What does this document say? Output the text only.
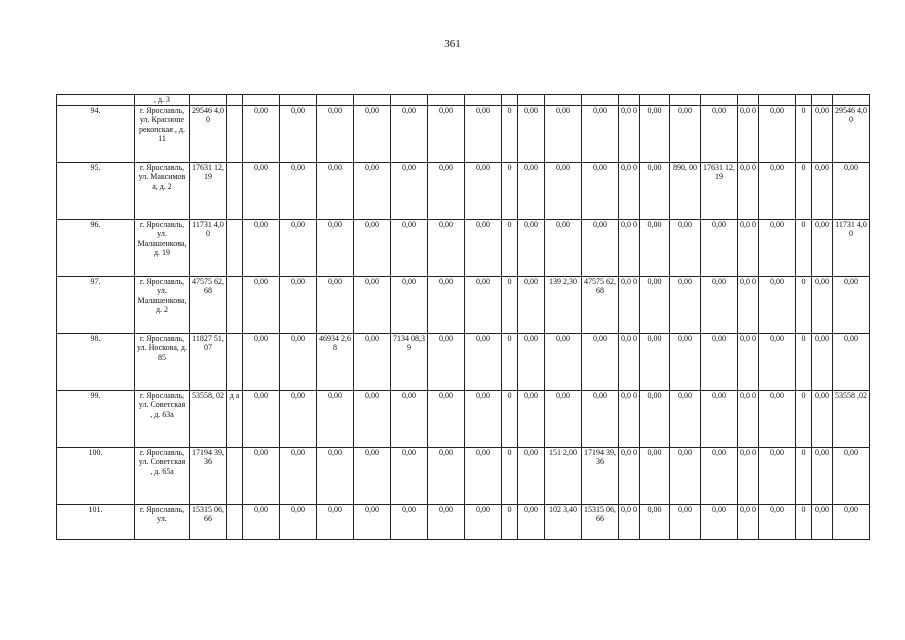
361
	, д. 3																						
94.	г. Ярославль, ул. Краснопе рекопская , д. 11	29546 4,00		0,00	0,00	0,00	0,00	0,00	0,00	0,00	0	0,00	0,00	0,00	0,0 0	0,00	0,00	0,00	0,0 0	0,00	0	0,00	29546 4,00
95.	г. Ярославль, ул. Максимов а, д. 2	17631 12,19		0,00	0,00	0,00	0,00	0,00	0,00	0,00	0	0,00	0,00	0,00	0,0 0	0,00	890, 00	17631 12,19	0,0 0	0,00	0	0,00	0,00
96.	г. Ярославль, ул. Малашенкова, д. 19	11731 4,00		0,00	0,00	0,00	0,00	0,00	0,00	0,00	0	0,00	0,00	0,00	0,0 0	0,00	0,00	0,00	0,0 0	0,00	0	0,00	11731 4,00
97.	г. Ярославль, ул. Малашенкова, д. 2	47575 62,68		0,00	0,00	0,00	0,00	0,00	0,00	0,00	0	0,00	139 2,30	47575 62,68	0,0 0	0,00	0,00	0,00	0,0 0	0,00	0	0,00	0,00
98.	г. Ярославль, ул. Носкова, д. 85	11827 51,07		0,00	0,00	46934 2,68	0,00	7134 08,39	0,00	0,00	0	0,00	0,00	0,00	0,0 0	0,00	0,00	0,00	0,0 0	0,00	0	0,00	0,00
99.	г. Ярославль, ул. Советская , д. 63а	53558, 02	д а	0,00	0,00	0,00	0,00	0,00	0,00	0,00	0	0,00	0,00	0,00	0,0 0	0,00	0,00	0,00	0,0 0	0,00	0	0,00	53558 ,02
100.	г. Ярославль, ул. Советская , д. 65а	17194 39,36		0,00	0,00	0,00	0,00	0,00	0,00	0,00	0	0,00	151 2,00	17194 39,36	0,0 0	0,00	0,00	0,00	0,0 0	0,00	0	0,00	0,00
101.	г. Ярославль, ул.	15315 06,66		0,00	0,00	0,00	0,00	0,00	0,00	0,00	0	0,00	102 3,40	15315 06,66	0,0 0	0,00	0,00	0,00	0,0 0	0,00	0	0,00	0,00
